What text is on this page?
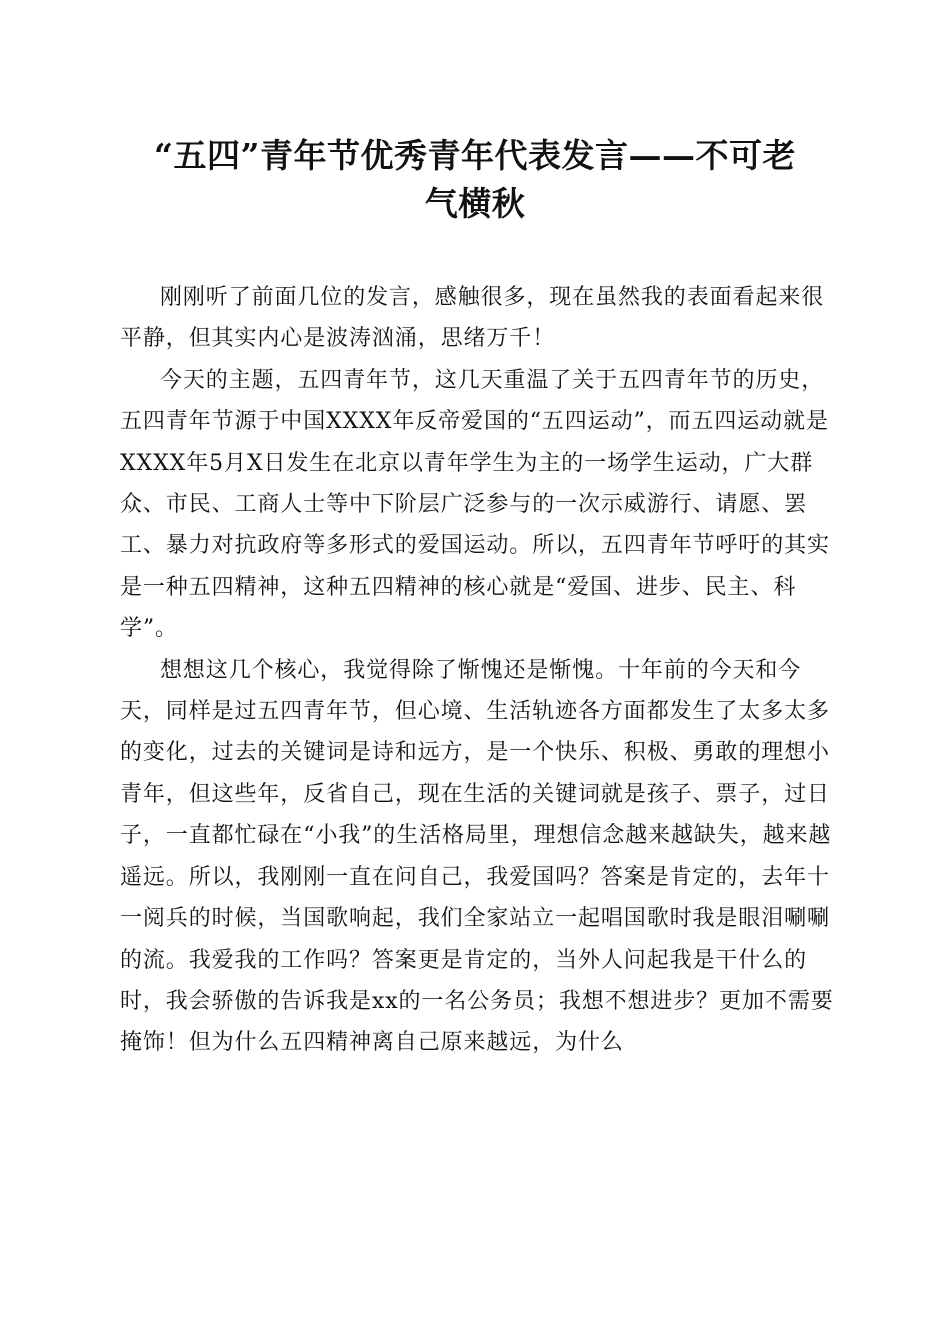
“五四”青年节优秀青年代表发言——不可老
气横秋

刚刚听了前面几位的发言，感触很多，现在虽然我的表面看起来很平静，但其实内心是波涛汹涌，思绪万千！

今天的主题，五四青年节，这几天重温了关于五四青年节的历史，五四青年节源于中国XXXX年反帝爱国的“五四运动”，而五四运动就是XXXX年5月X日发生在北京以青年学生为主的一场学生运动，广大群众、市民、工商人士等中下阶层广泛参与的一次示威游行、请愿、罢工、暴力对抗政府等多形式的爱国运动。所以，五四青年节呼吁的其实是一种五四精神，这种五四精神的核心就是“爱国、进步、民主、科学”。

想想这几个核心，我觉得除了惭愧还是惭愧。十年前的今天和今天，同样是过五四青年节，但心境、生活轨迹各方面都发生了太多太多的变化，过去的关键词是诗和远方，是一个快乐、积极、勇敢的理想小青年，但这些年，反省自己，现在生活的关键词就是孩子、票子，过日子，一直都忙碌在“小我”的生活格局里，理想信念越来越缺失，越来越遥远。所以，我刚刚一直在问自己，我爱国吗？答案是肯定的，去年十一阅兵的时候，当国歌响起，我们全家站立一起唱国歌时我是眼泪唰唰的流。我爱我的工作吗？答案更是肯定的，当外人问起我是干什么的时，我会骄傲的告诉我是xx的一名公务员；我想不想进步？更加不需要掩饰！但为什么五四精神离自己原来越远，为什么
